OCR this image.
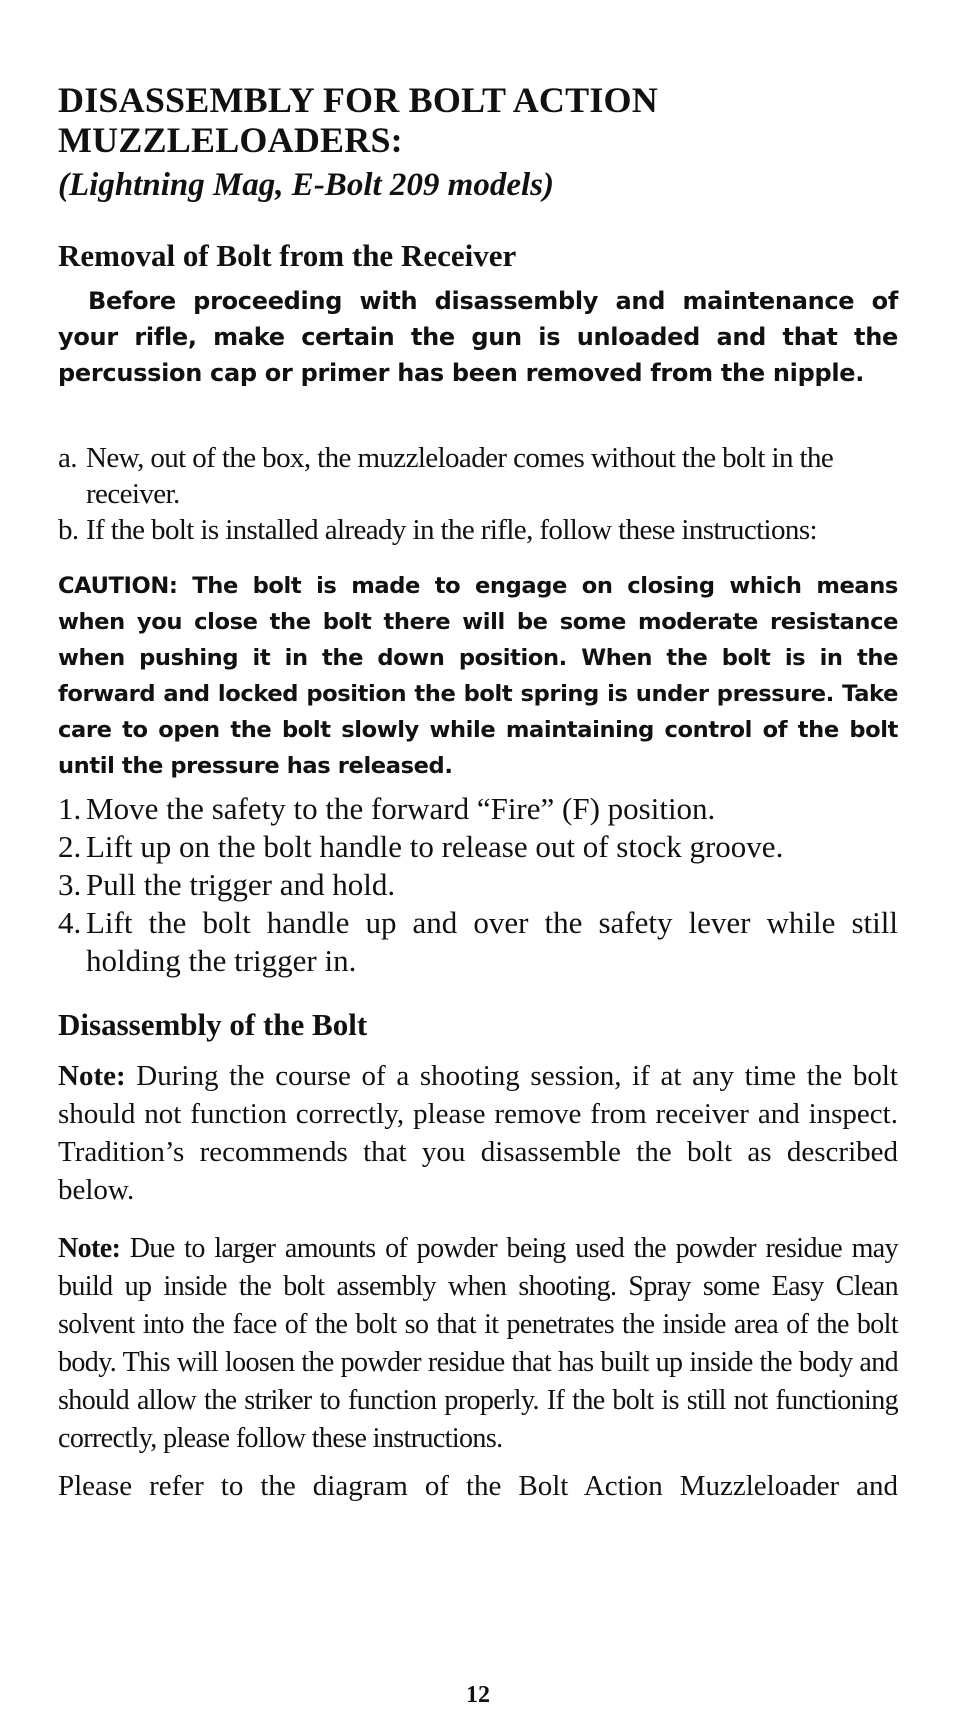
DISASSEMBLY FOR BOLT ACTION MUZZLELOADERS:
(Lightning Mag, E-Bolt 209 models)
Removal of Bolt from the Receiver

Before proceeding with disassembly and maintenance of your rifle, make certain the gun is unloaded and that the percussion cap or primer has been removed from the nipple.

a. New, out of the box, the muzzleloader comes without the bolt in the receiver.
b. If the bolt is installed already in the rifle, follow these instructions:

CAUTION: The bolt is made to engage on closing which means when you close the bolt there will be some moderate resistance when pushing it in the down position. When the bolt is in the forward and locked position the bolt spring is under pressure. Take care to open the bolt slowly while maintaining control of the bolt until the pressure has released.

1. Move the safety to the forward “Fire” (F) position.
2. Lift up on the bolt handle to release out of stock groove.
3. Pull the trigger and hold.
4. Lift the bolt handle up and over the safety lever while still holding the trigger in.
Disassembly of the Bolt

Note: During the course of a shooting session, if at any time the bolt should not function correctly, please remove from receiver and inspect. Tradition’s recommends that you disassemble the bolt as described below.

Note: Due to larger amounts of powder being used the powder residue may build up inside the bolt assembly when shooting. Spray some Easy Clean solvent into the face of the bolt so that it penetrates the inside area of the bolt body. This will loosen the powder residue that has built up inside the body and should allow the striker to function properly. If the bolt is still not functioning correctly, please follow these instructions.

Please refer to the diagram of the Bolt Action Muzzleloader and

12
